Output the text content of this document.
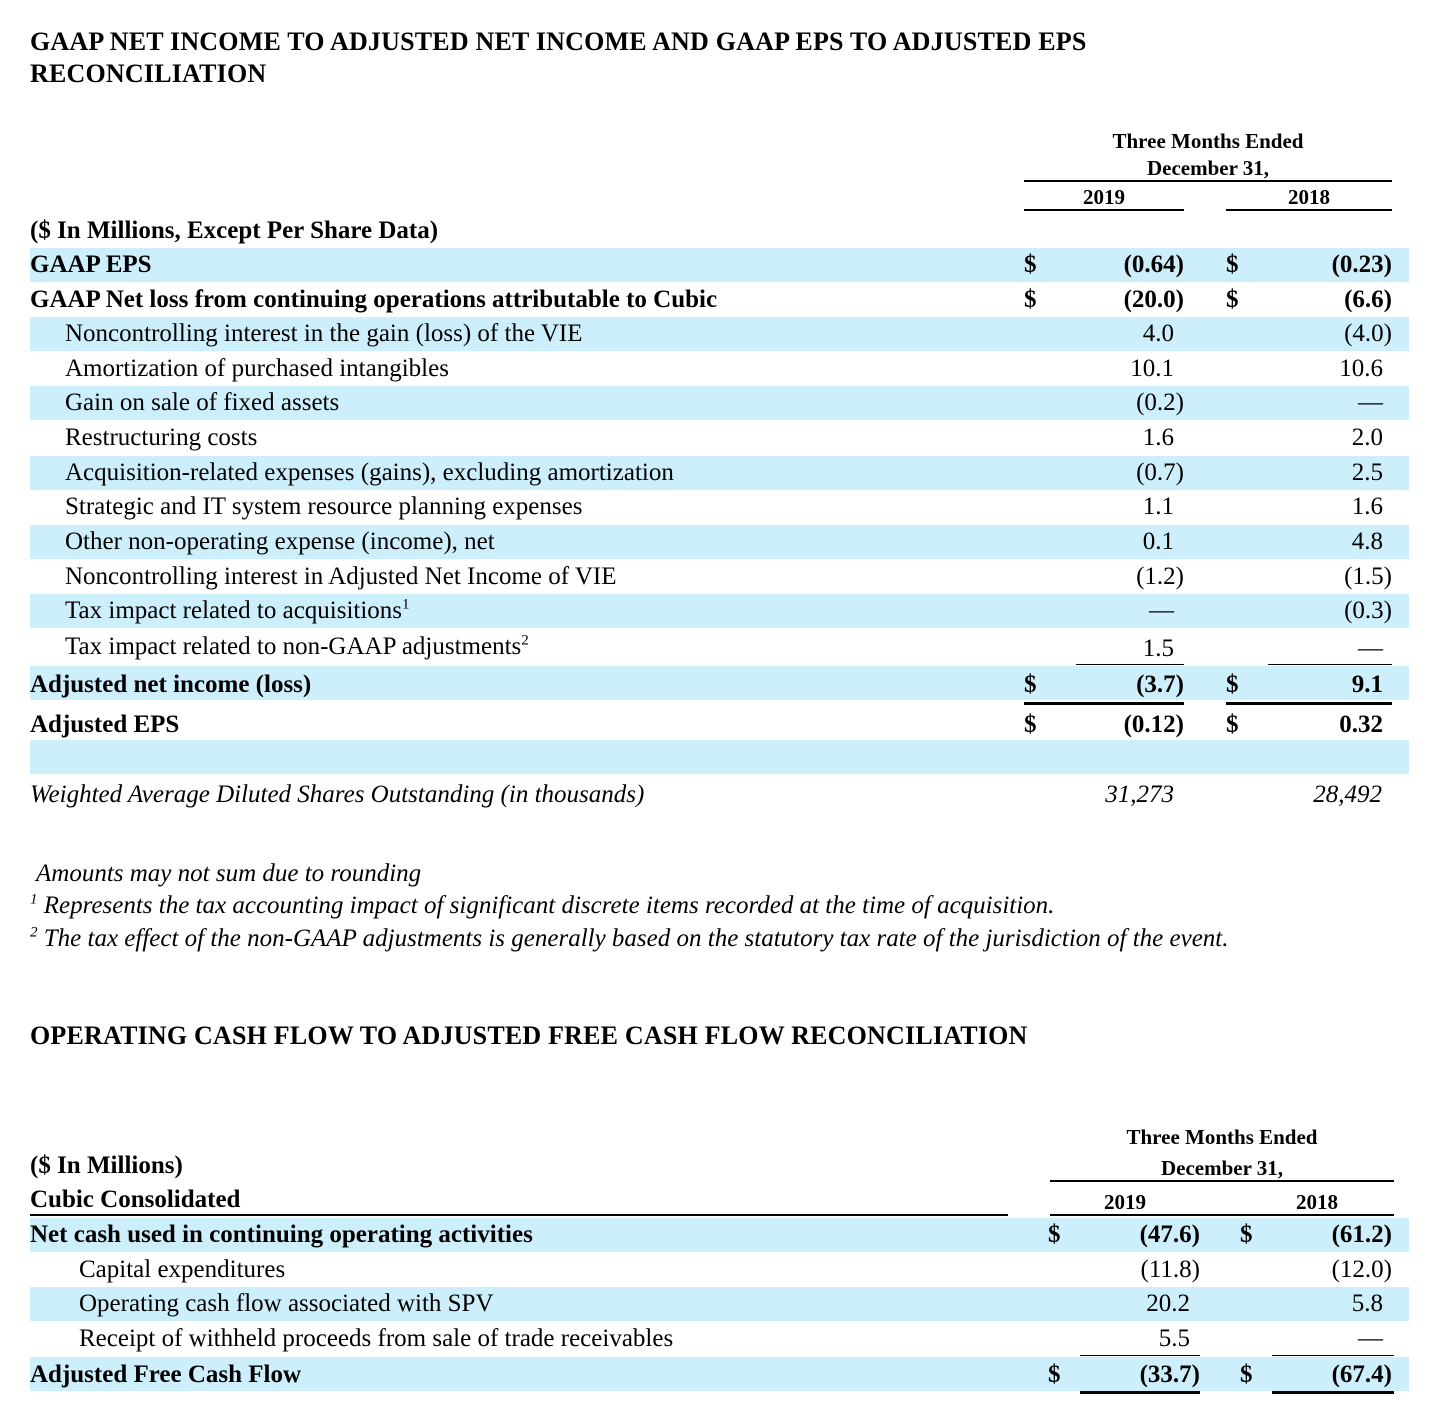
GAAP NET INCOME TO ADJUSTED NET INCOME AND GAAP EPS TO ADJUSTED EPS
RECONCILIATION
Three Months Ended
December 31,
2019	2018
($ In Millions, Except Per Share Data)
GAAP EPS	$	(0.64) $	(0.23)
GAAP Net loss from continuing operations attributable to Cubic	$	(20.0) $	(6.6)
Noncontrolling interest in the gain (loss) of the VIE	4.0	(4.0)
Amortization of purchased intangibles	10.1	10.6
Gain on sale of fixed assets	(0.2)	—
Restructuring costs	1.6	2.0
Acquisition-related expenses (gains), excluding amortization	(0.7)	2.5
Strategic and IT system resource planning expenses	1.1	1.6
Other non-operating expense (income), net	0.1	4.8
Noncontrolling interest in Adjusted Net Income of VIE	(1.2)	(1.5)
Tax impact related to acquisitions$^1$	—	(0.3)
Tax impact related to non-GAAP adjustments$^2$	1.5	—
Adjusted net income (loss)	$	(3.7) $	9.1
Adjusted EPS	$	(0.12) $	0.32
Weighted Average Diluted Shares Outstanding (in thousands)	31,273	28,492
Amounts may not sum due to rounding
$^1$ Represents the tax accounting impact of significant discrete items recorded at the time of acquisition.
$^2$ The tax effect of the non-GAAP adjustments is generally based on the statutory tax rate of the jurisdiction of the event.
OPERATING CASH FLOW TO ADJUSTED FREE CASH FLOW RECONCILIATION
Three Months Ended
December 31,
2019	2018
($ In Millions)
Cubic Consolidated
Net cash used in continuing operating activities	$	(47.6) $	(61.2)
Capital expenditures	(11.8)	(12.0)
Operating cash flow associated with SPV	20.2	5.8
Receipt of withheld proceeds from sale of trade receivables	5.5	—
Adjusted Free Cash Flow	$	(33.7) $	(67.4)
